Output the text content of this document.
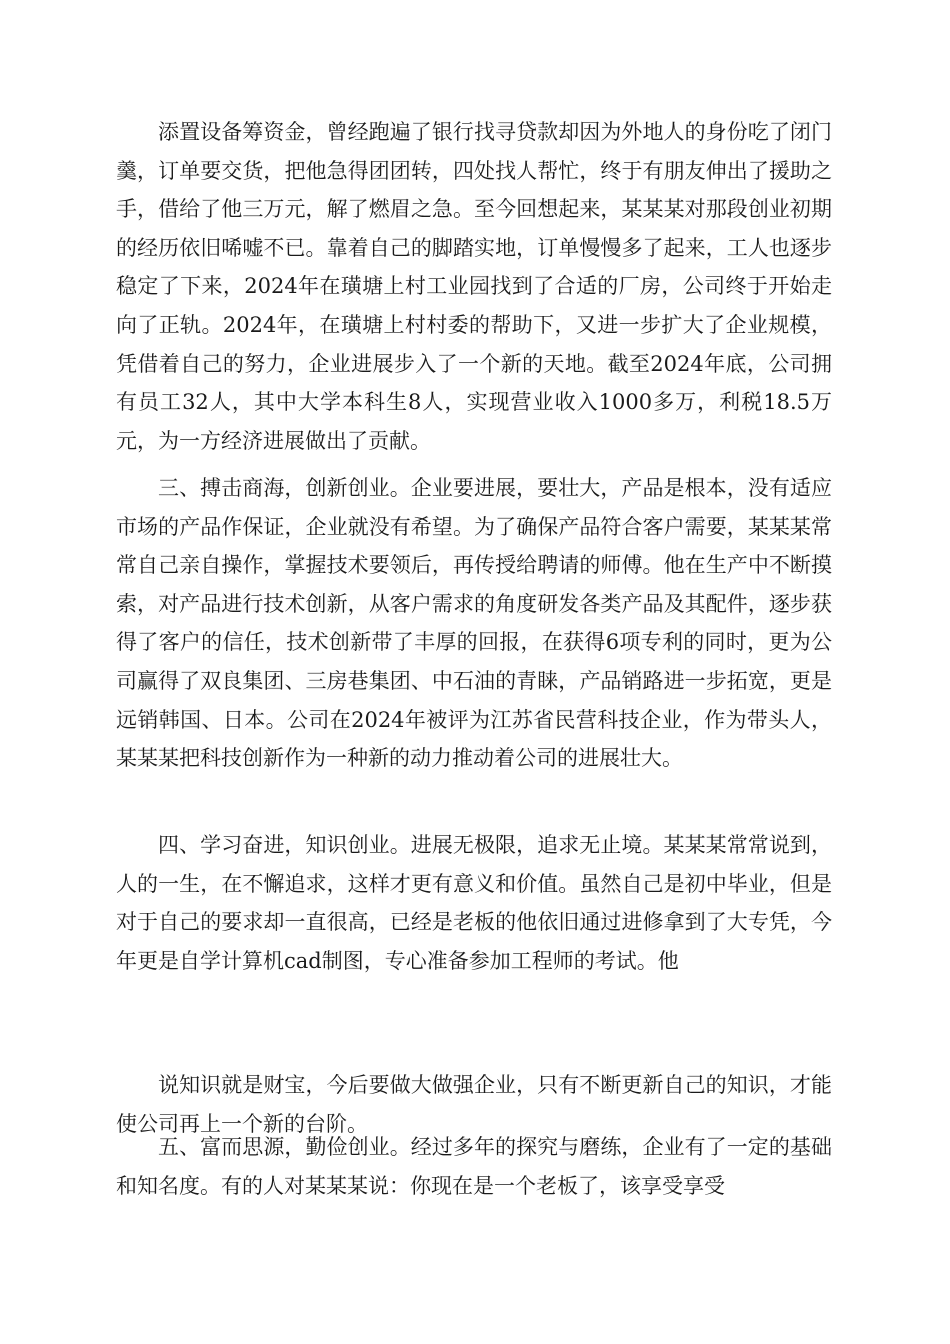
添置设备筹资金，曾经跑遍了银行找寻贷款却因为外地人的身份吃了闭门羹，订单要交货，把他急得团团转，四处找人帮忙，终于有朋友伸出了援助之手，借给了他三万元，解了燃眉之急。至今回想起来，某某某对那段创业初期的经历依旧唏嘘不已。靠着自己的脚踏实地，订单慢慢多了起来，工人也逐步稳定了下来，2024年在璜塘上村工业园找到了合适的厂房，公司终于开始走向了正轨。2024年，在璜塘上村村委的帮助下，又进一步扩大了企业规模，凭借着自己的努力，企业进展步入了一个新的天地。截至2024年底，公司拥有员工32人，其中大学本科生8人，实现营业收入1000多万，利税18.5万元，为一方经济进展做出了贡献。

三、搏击商海，创新创业。企业要进展，要壮大，产品是根本，没有适应市场的产品作保证，企业就没有希望。为了确保产品符合客户需要，某某某常常自己亲自操作，掌握技术要领后，再传授给聘请的师傅。他在生产中不断摸索，对产品进行技术创新，从客户需求的角度研发各类产品及其配件，逐步获得了客户的信任，技术创新带了丰厚的回报，在获得6项专利的同时，更为公司赢得了双良集团、三房巷集团、中石油的青睐，产品销路进一步拓宽，更是远销韩国、日本。公司在2024年被评为江苏省民营科技企业，作为带头人，某某某把科技创新作为一种新的动力推动着公司的进展壮大。

四、学习奋进，知识创业。进展无极限，追求无止境。某某某常常说到，人的一生，在不懈追求，这样才更有意义和价值。虽然自己是初中毕业，但是对于自己的要求却一直很高，已经是老板的他依旧通过进修拿到了大专凭，今年更是自学计算机cad制图，专心准备参加工程师的考试。他

说知识就是财宝，今后要做大做强企业，只有不断更新自己的知识，才能使公司再上一个新的台阶。

五、富而思源，勤俭创业。经过多年的探究与磨练，企业有了一定的基础和知名度。有的人对某某某说：你现在是一个老板了，该享受享受
